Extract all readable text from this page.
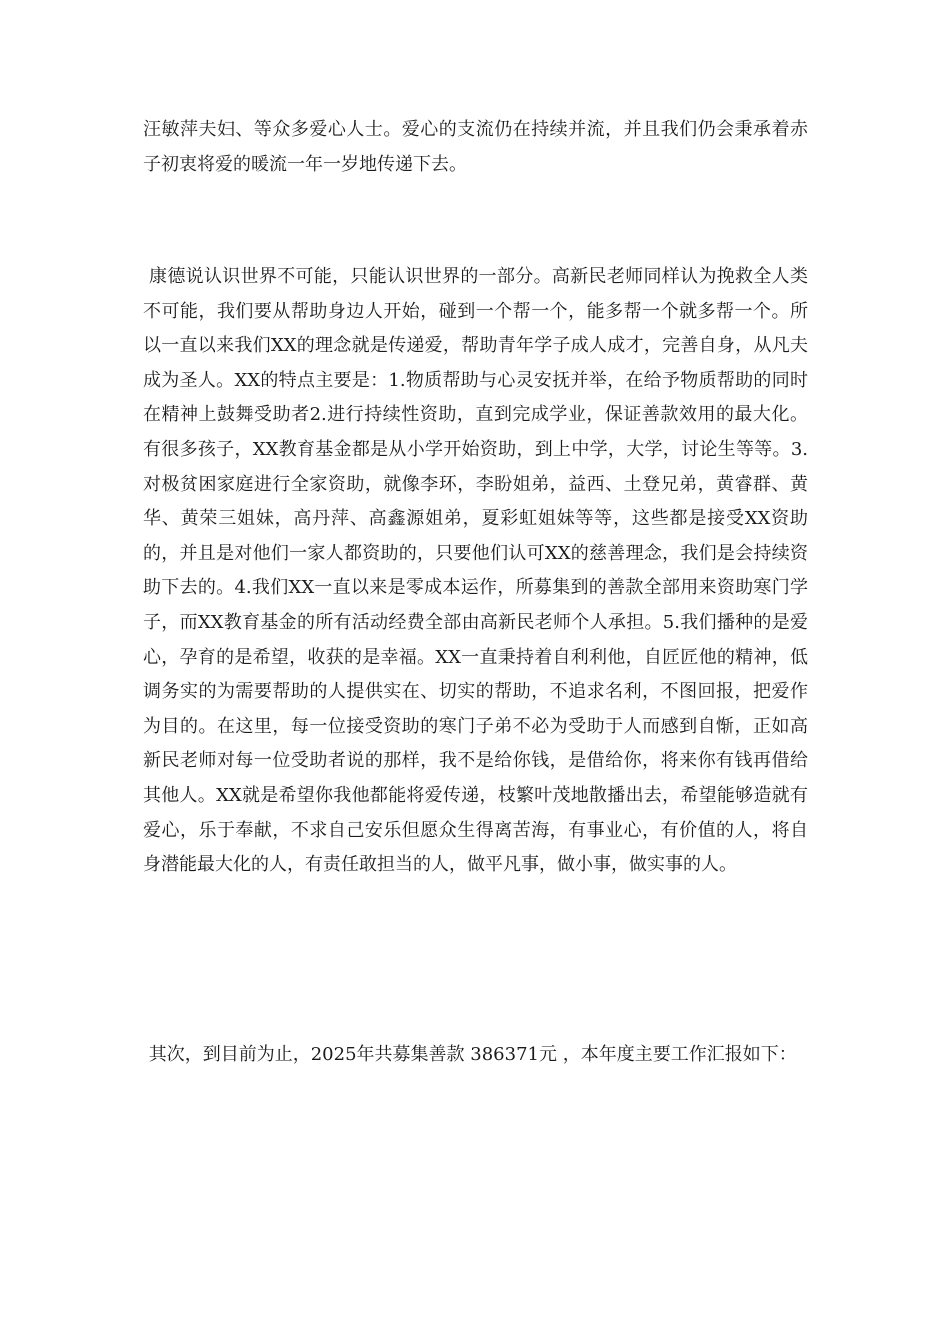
汪敏萍夫妇、等众多爱心人士。爱心的支流仍在持续并流，并且我们仍会秉承着赤子初衷将爱的暖流一年一岁地传递下去。

康德说认识世界不可能，只能认识世界的一部分。高新民老师同样认为挽救全人类不可能，我们要从帮助身边人开始，碰到一个帮一个，能多帮一个就多帮一个。所以一直以来我们XX的理念就是传递爱，帮助青年学子成人成才，完善自身，从凡夫成为圣人。XX的特点主要是：1.物质帮助与心灵安抚并举，在给予物质帮助的同时在精神上鼓舞受助者2.进行持续性资助，直到完成学业，保证善款效用的最大化。有很多孩子，XX教育基金都是从小学开始资助，到上中学，大学，讨论生等等。3.对极贫困家庭进行全家资助，就像李环，李盼姐弟，益西、土登兄弟，黄睿群、黄华、黄荣三姐妹，高丹萍、高鑫源姐弟，夏彩虹姐妹等等，这些都是接受XX资助的，并且是对他们一家人都资助的，只要他们认可XX的慈善理念，我们是会持续资助下去的。4.我们XX一直以来是零成本运作，所募集到的善款全部用来资助寒门学子，而XX教育基金的所有活动经费全部由高新民老师个人承担。5.我们播种的是爱心，孕育的是希望，收获的是幸福。XX一直秉持着自利利他，自匠匠他的精神，低调务实的为需要帮助的人提供实在、切实的帮助，不追求名利，不图回报，把爱作为目的。在这里，每一位接受资助的寒门子弟不必为受助于人而感到自惭，正如高新民老师对每一位受助者说的那样，我不是给你钱，是借给你，将来你有钱再借给其他人。XX就是希望你我他都能将爱传递，枝繁叶茂地散播出去，希望能够造就有爱心，乐于奉献，不求自己安乐但愿众生得离苦海，有事业心，有价值的人，将自身潜能最大化的人，有责任敢担当的人，做平凡事，做小事，做实事的人。

其次，到目前为止，2025年共募集善款 386371元 ，本年度主要工作汇报如下：
